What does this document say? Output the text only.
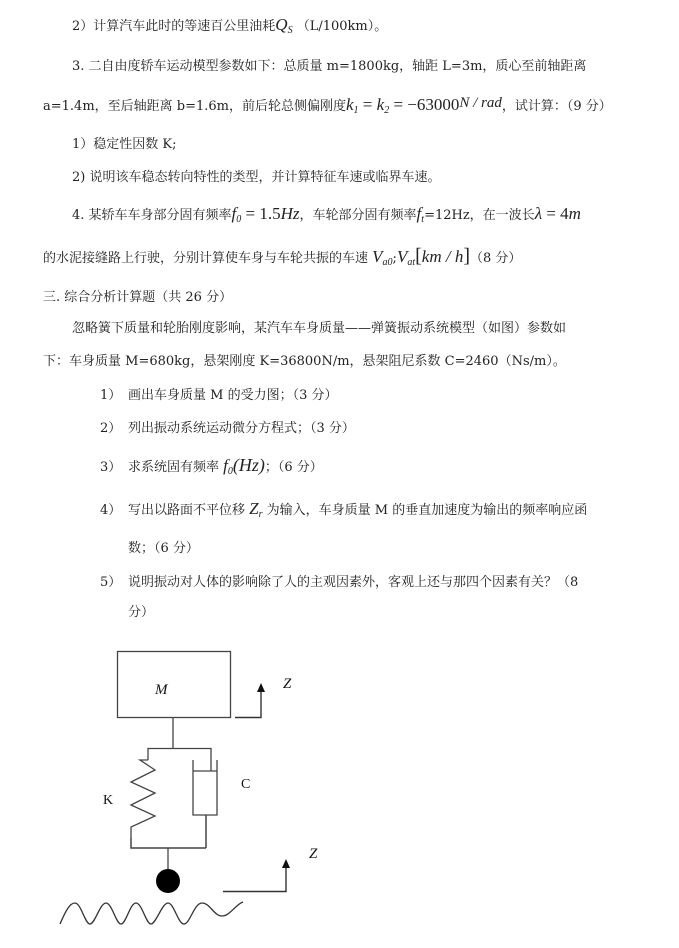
2）计算汽车此时的等速百公里油耗$Q_S$ （L/100km）。
3. 二自由度轿车运动模型参数如下：总质量 m=1800kg，轴距 L=3m，质心至前轴距离
a=1.4m，至后轴距离 b=1.6m，前后轮总侧偏刚度$k_1 = k_2 = -63000N$ / rad，试计算：（9 分）
1）稳定性因数 K;
2) 说明该车稳态转向特性的类型，并计算特征车速或临界车速。
4. 某轿车车身部分固有频率$f_0 = 1.5Hz$，车轮部分固有频率$f_t=12Hz$，在一波长λ = 4m
的水泥接缝路上行驶，分别计算使车身与车轮共振的车速 $V_{a0};V_{at}[km / h](8$ 分）
三. 综合分析计算题（共 26 分）
忽略簧下质量和轮胎刚度影响，某汽车车身质量——弹簧振动系统模型（如图）参数如
下：车身质量 M=680kg，悬架刚度 K=36800N/m，悬架阻尼系数 C=2460（Ns/m）。
1） 画出车身质量 M 的受力图；（3 分）
2） 列出振动系统运动微分方程式；（3 分）
3） 求系统固有频率 $f_0(Hz)$；（6 分）
4） 写出以路面不平位移 $Z_r$ 为输入，车身质量 M 的垂直加速度为输出的频率响应函
数；（6 分）
5） 说明振动对人体的影响除了人的主观因素外，客观上还与那四个因素有关？（8
分）
M	Z
K
C
Z
